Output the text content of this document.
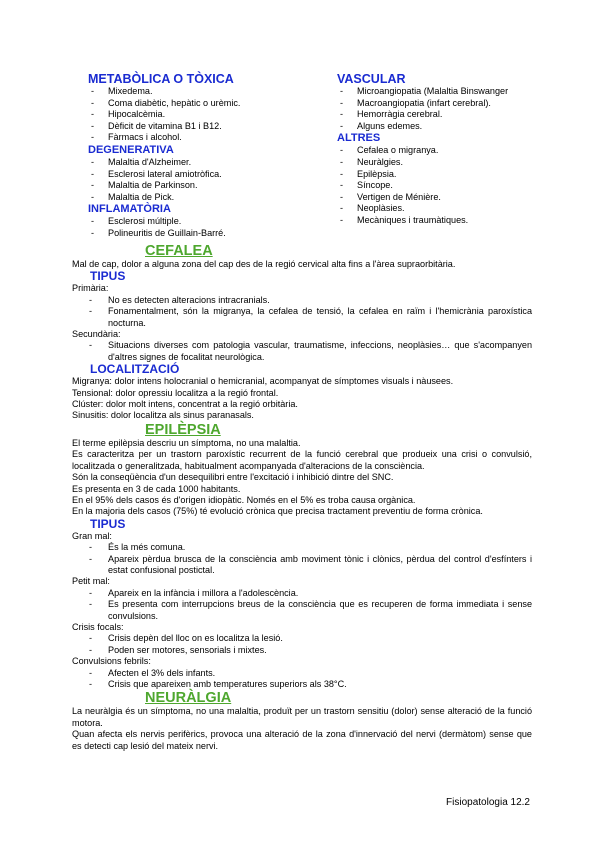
METABÒLICA O TÒXICA
- Mixedema.
- Coma diabètic, hepàtic o urèmic.
- Hipocalcèmia.
- Dèficit de vitamina B1 i B12.
- Fàrmacs i alcohol.
DEGENERATIVA
- Malaltia d'Alzheimer.
- Esclerosi lateral amiotròfica.
- Malaltia de Parkinson.
- Malaltia de Pick.
INFLAMATÒRIA
- Esclerosi múltiple.
- Polineuritis de Guillain-Barré.
VASCULAR
- Microangiopatia (Malaltia Binswanger
- Macroangiopatia (infart cerebral).
- Hemorràgia cerebral.
- Alguns edemes.
ALTRES
- Cefalea o migranya.
- Neuràlgies.
- Epilèpsia.
- Síncope.
- Vertigen de Ménière.
- Neoplàsies.
- Mecàniques i traumàtiques.
CEFALEA

Mal de cap, dolor a alguna zona del cap des de la regió cervical alta fins a l'àrea supraorbitària.

TIPUS

Primària:

- No es detecten alteracions intracranials.
- Fonamentalment, són la migranya, la cefalea de tensió, la cefalea en raïm i l'hemicrània paroxística nocturna.

Secundària:

- Situacions diverses com patologia vascular, traumatisme, infeccions, neoplàsies… que s'acompanyen d'altres signes de focalitat neurològica.
LOCALITZACIÓ

Migranya: dolor intens holocranial o hemicranial, acompanyat de símptomes visuals i nàusees.

Tensional: dolor opressiu localitza a la regió frontal.

Clúster: dolor molt intens, concentrat a la regió orbitària.

Sinusitis: dolor localitza als sinus paranasals.

EPILÈPSIA

El terme epilèpsia descriu un símptoma, no una malaltia.

Es caracteritza per un trastorn paroxístic recurrent de la funció cerebral que produeix una crisi o convulsió, localitzada o generalitzada, habitualment acompanyada d'alteracions de la consciència.

Són la conseqüència d'un desequilibri entre l'excitació i inhibició dintre del SNC.

Es presenta en 3 de cada 1000 habitants.

En el 95% dels casos és d'origen idiopàtic. Només en el 5% es troba causa orgànica.

En la majoria dels casos (75%) té evolució crònica que precisa tractament preventiu de forma crònica.

TIPUS

Gran mal:

- És la més comuna.
- Apareix pèrdua brusca de la consciència amb moviment tònic i clònics, pèrdua del control d'esfínters i estat confusional postictal.

Petit mal:

- Apareix en la infància i millora a l'adolescència.
- Es presenta com interrupcions breus de la consciència que es recuperen de forma immediata i sense convulsions.

Crisis focals:

- Crisis depèn del lloc on es localitza la lesió.
- Poden ser motores, sensorials i mixtes.

Convulsions febrils:

- Afecten el 3% dels infants.
- Crisis que apareixen amb temperatures superiors als 38°C.
NEURÀLGIA

La neuràlgia és un símptoma, no una malaltia, produït per un trastorn sensitiu (dolor) sense alteració de la funció motora.

Quan afecta els nervis perifèrics, provoca una alteració de la zona d'innervació del nervi (dermàtom) sense que es detecti cap lesió del mateix nervi.

Fisiopatologia 12.2
